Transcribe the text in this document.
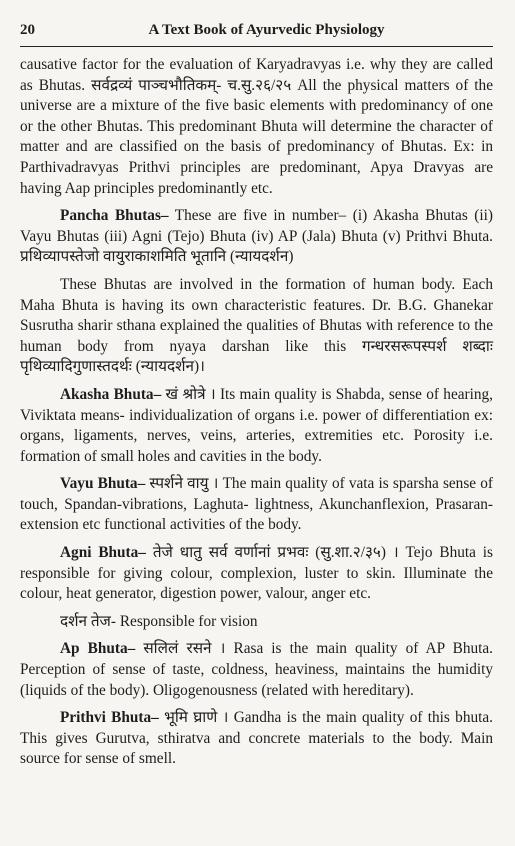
20	A Text Book of Ayurvedic Physiology

causative factor for the evaluation of Karyadravyas i.e. why they are called as Bhutas. सर्वद्रव्यं पाञ्चभौतिकम्- च.सु.२६/२५ All the physical matters of the universe are a mixture of the five basic elements with predominancy of one or the other Bhutas. This predominant Bhuta will determine the character of matter and are classified on the basis of predominancy of Bhutas. Ex: in Parthivadravyas Prithvi principles are predominant, Apya Dravyas are having Aap principles predominantly etc.

Pancha Bhutas– These are five in number– (i) Akasha Bhutas (ii) Vayu Bhutas (iii) Agni (Tejo) Bhuta (iv) AP (Jala) Bhuta (v) Prithvi Bhuta. प्रथिव्यापस्तेजो वायुराकाशमिति भूतानि (न्यायदर्शन)

These Bhutas are involved in the formation of human body. Each Maha Bhuta is having its own characteristic features. Dr. B.G. Ghanekar Susrutha sharir sthana explained the qualities of Bhutas with reference to the human body from nyaya darshan like this गन्धरसरूपस्पर्श शब्दाः पृथिव्यादिगुणास्तदर्थः (न्यायदर्शन)।

Akasha Bhuta– खं श्रोत्रे । Its main quality is Shabda, sense of hearing, Viviktata means- individualization of organs i.e. power of differentiation ex: organs, ligaments, nerves, veins, arteries, extremities etc. Porosity i.e. formation of small holes and cavities in the body.

Vayu Bhuta– स्पर्शने वायु । The main quality of vata is sparsha sense of touch, Spandan-vibrations, Laghuta- lightness, Akunchanflexion, Prasaran-extension etc functional activities of the body.

Agni Bhuta– तेजे धातु सर्व वर्णानां प्रभवः (सु.शा.२/३५) । Tejo Bhuta is responsible for giving colour, complexion, luster to skin. Illuminate the colour, heat generator, digestion power, valour, anger etc.

दर्शन तेज- Responsible for vision

Ap Bhuta– सलिलं रसने । Rasa is the main quality of AP Bhuta. Perception of sense of taste, coldness, heaviness, maintains the humidity (liquids of the body). Oligogenousness (related with hereditary).

Prithvi Bhuta– भूमि घ्राणे । Gandha is the main quality of this bhuta. This gives Gurutva, sthiratva and concrete materials to the body. Main source for sense of smell.
